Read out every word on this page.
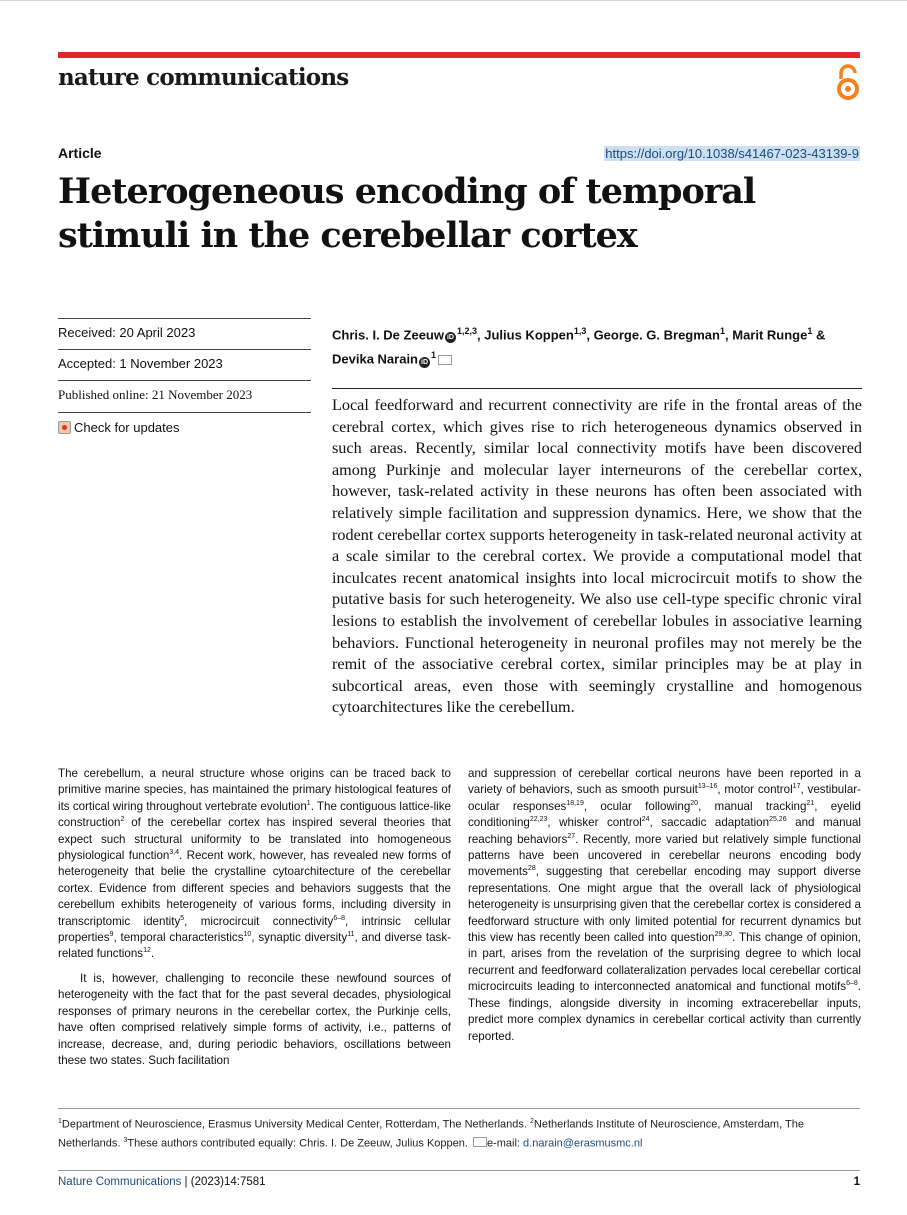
nature communications
Article	https://doi.org/10.1038/s41467-023-43139-9
Heterogeneous encoding of temporal stimuli in the cerebellar cortex
Received: 20 April 2023
Accepted: 1 November 2023
Published online: 21 November 2023
Check for updates
Chris. I. De Zeeuw iD$^{1,2,3}$, Julius Koppen$^{1,3}$, George. G. Bregman$^1$, Marit Runge$^1$ & Devika Narain $iD^1$

Local feedforward and recurrent connectivity are rife in the frontal areas of the cerebral cortex, which gives rise to rich heterogeneous dynamics observed in such areas. Recently, similar local connectivity motifs have been discovered among Purkinje and molecular layer interneurons of the cerebellar cortex, however, task-related activity in these neurons has often been associated with relatively simple facilitation and suppression dynamics. Here, we show that the rodent cerebellar cortex supports heterogeneity in task-related neuronal activity at a scale similar to the cerebral cortex. We provide a computational model that inculcates recent anatomical insights into local microcircuit motifs to show the putative basis for such heterogeneity. We also use cell-type specific chronic viral lesions to establish the involvement of cerebellar lobules in associative learning behaviors. Functional heterogeneity in neuronal profiles may not merely be the remit of the associative cerebral cortex, similar principles may be at play in subcortical areas, even those with seemingly crystalline and homogenous cytoarchitectures like the cerebellum.

The cerebellum, a neural structure whose origins can be traced back to primitive marine species, has maintained the primary histological features of its cortical wiring throughout vertebrate evolution$^1$. The contiguous lattice-like construction$^2$ of the cerebellar cortex has inspired several theories that expect such structural uniformity to be translated into homogeneous physiological function$^{3,4}$. Recent work, however, has revealed new forms of heterogeneity that belie the crystalline cytoarchitecture of the cerebellar cortex. Evidence from different species and behaviors suggests that the cerebellum exhibits heterogeneity of various forms, including diversity in transcriptomic identity$^5$, microcircuit connectivity$^{6-8}$, intrinsic cellular properties$^9$, temporal characteristics$^{10}$, synaptic diversity$^{11}$, and diverse task-related functions$^{12}$.

It is, however, challenging to reconcile these newfound sources of heterogeneity with the fact that for the past several decades, physiological responses of primary neurons in the cerebellar cortex, the Purkinje cells, have often comprised relatively simple forms of activity, i.e., patterns of increase, decrease, and, during periodic behaviors, oscillations between these two states. Such facilitation

and suppression of cerebellar cortical neurons have been reported in a variety of behaviors, such as smooth pursuit$^{13-16}$, motor control$^{17}$, vestibular-ocular responses$^{18,19}$, ocular following$^{20}$, manual tracking$^{21}$, eyelid conditioning$^{22,23}$, whisker control$^{24}$, saccadic adaptation$^{25,26}$ and manual reaching behaviors$^{27}$. Recently, more varied but relatively simple functional patterns have been uncovered in cerebellar neurons encoding body movements$^{28}$, suggesting that cerebellar encoding may support diverse representations. One might argue that the overall lack of physiological heterogeneity is unsurprising given that the cerebellar cortex is considered a feedforward structure with only limited potential for recurrent dynamics but this view has recently been called into question$^{29,30}$. This change of opinion, in part, arises from the revelation of the surprising degree to which local recurrent and feedforward collateralization pervades local cerebellar cortical microcircuits leading to interconnected anatomical and functional motifs$^{6-8}$. These findings, alongside diversity in incoming extracerebellar inputs, predict more complex dynamics in cerebellar cortical activity than currently reported.

$^1$Department of Neuroscience, Erasmus University Medical Center, Rotterdam, The Netherlands. $^2$Netherlands Institute of Neuroscience, Amsterdam, The Netherlands. $^3$These authors contributed equally: Chris. I. De Zeeuw, Julius Koppen. e-mail: d.narain@erasmusmc.nl
Nature Communications | (2023)14:7581	1
